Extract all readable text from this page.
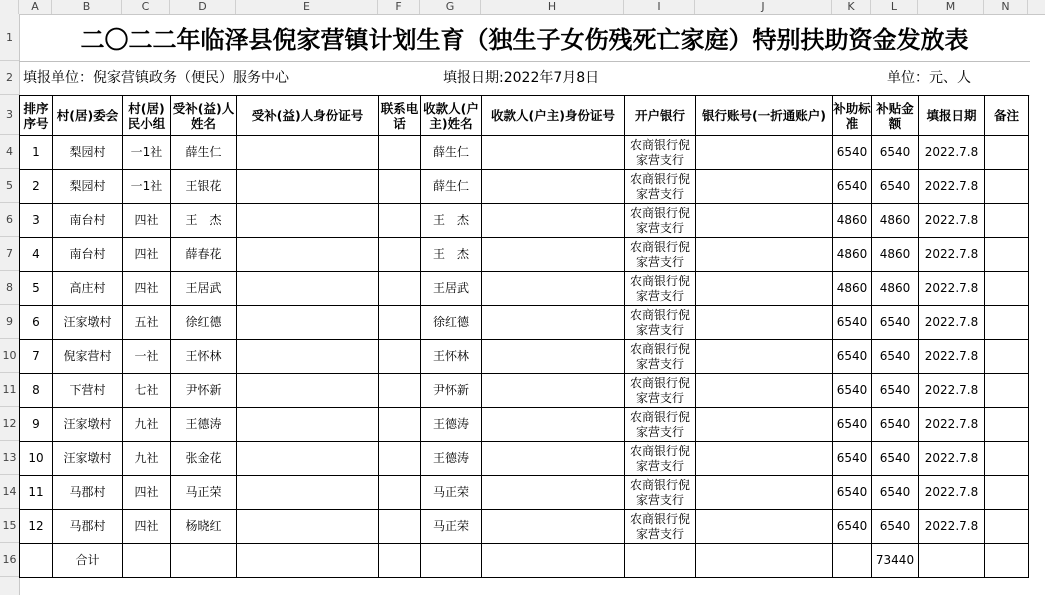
A	B	C	D	E	F	G	H	I	J	K	L	M	N
1
2
3
4
5
6
7
8
9
10
11
12
13
14
15
16
二〇二二年临泽县倪家营镇计划生育（独生子女伤残死亡家庭）特别扶助资金发放表
填报单位：倪家营镇政务（便民）服务中心	填报日期:2022年7月8日	单位：元、人
排序序号	村(居)委会	村(居)民小组	受补(益)人姓名	受补(益)人身份证号	联系电话	收款人(户主)姓名	收款人(户主)身份证号	开户银行	银行账号(一折通账户)	补助标准	补贴金额	填报日期	备注
1	梨园村	一1社	薛生仁			薛生仁		农商银行倪家营支行		6540	6540	2022.7.8	
2	梨园村	一1社	王银花			薛生仁		农商银行倪家营支行		6540	6540	2022.7.8	
3	南台村	四社	王　杰			王　杰		农商银行倪家营支行		4860	4860	2022.7.8	
4	南台村	四社	薛春花			王　杰		农商银行倪家营支行		4860	4860	2022.7.8	
5	高庄村	四社	王居武			王居武		农商银行倪家营支行		4860	4860	2022.7.8	
6	汪家墩村	五社	徐红德			徐红德		农商银行倪家营支行		6540	6540	2022.7.8	
7	倪家营村	一社	王怀林			王怀林		农商银行倪家营支行		6540	6540	2022.7.8	
8	下营村	七社	尹怀新			尹怀新		农商银行倪家营支行		6540	6540	2022.7.8	
9	汪家墩村	九社	王德涛			王德涛		农商银行倪家营支行		6540	6540	2022.7.8	
10	汪家墩村	九社	张金花			王德涛		农商银行倪家营支行		6540	6540	2022.7.8	
11	马郡村	四社	马正荣			马正荣		农商银行倪家营支行		6540	6540	2022.7.8	
12	马郡村	四社	杨晓红			马正荣		农商银行倪家营支行		6540	6540	2022.7.8	
	合计										73440		
